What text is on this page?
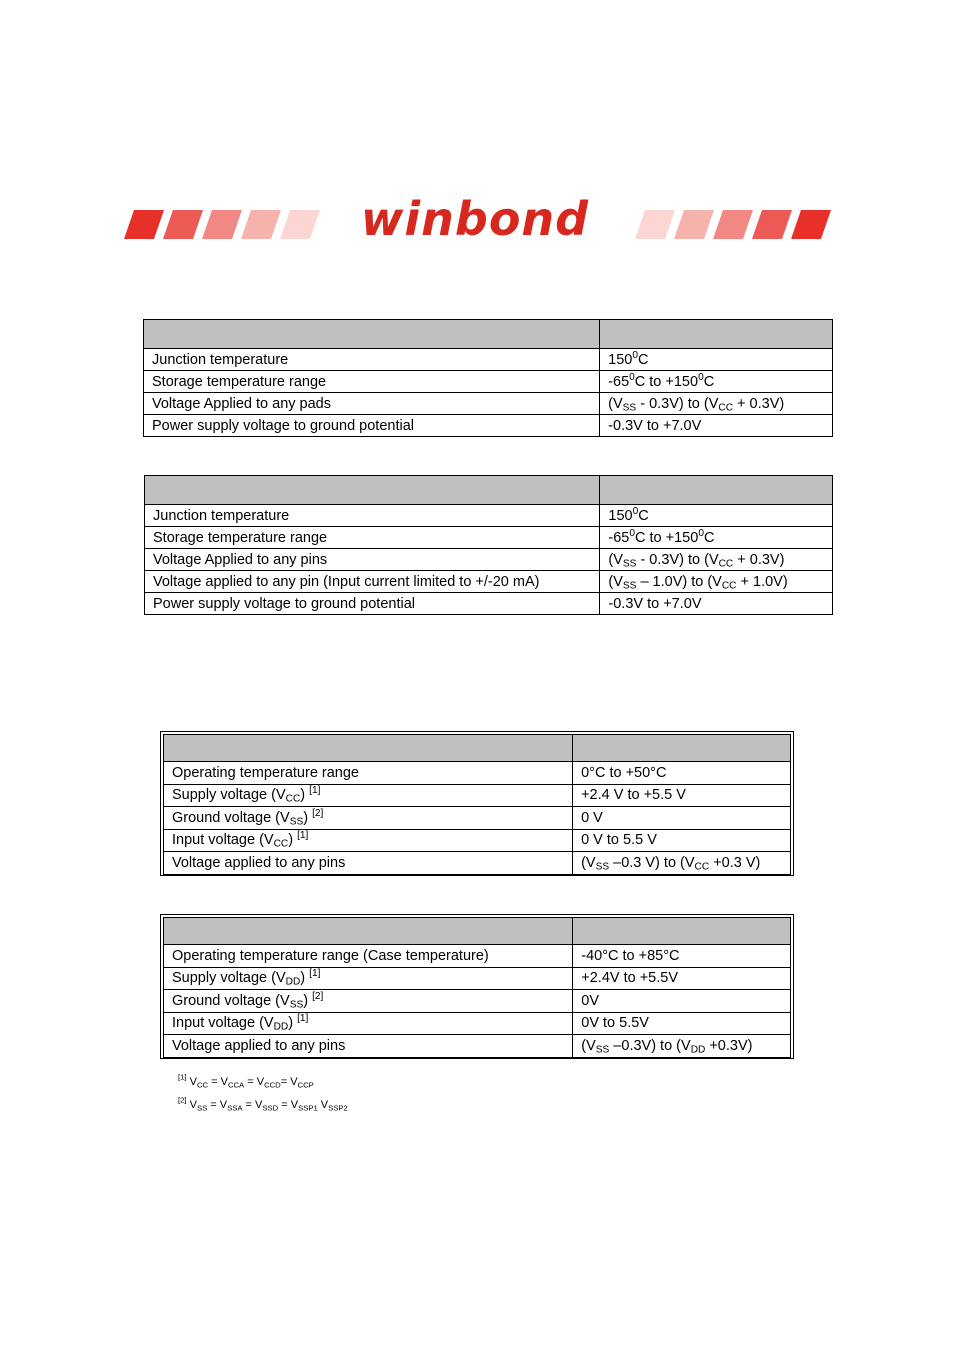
winbond

Junction temperature	$150^0C$
Storage temperature range	$-65^0C$ to $+150^0C$
Voltage Applied to any pads	$(V_{SS} - 0.3V)$ to $(V_{CC} + 0.3V)$
Power supply voltage to ground potential	-0.3V to +7.0V

Junction temperature	$150^0C$
Storage temperature range	$-65^0C$ to $+150^0C$
Voltage Applied to any pins	$(V_{SS} - 0.3V)$ to $(V_{CC} + 0.3V)$
Voltage applied to any pin (Input current limited to +/-20 mA)	$(V_{SS} - 1.0V)$ to $(V_{CC} + 1.0V)$
Power supply voltage to ground potential	-0.3V to +7.0V

Operating temperature range	0°C to +50°C
Supply voltage $(V_{CC})$ [1]	+2.4 V to +5.5 V
Ground voltage $(V_{SS})$ [2]	0 V
Input voltage $(V_{CC})$ [1]	0 V to 5.5 V
Voltage applied to any pins	($V_{SS}$ –0.3 V) to ($V_{CC} +0.3$ V)

Operating temperature range (Case temperature)	-40°C to +85°C
Supply voltage $(V_{DD})$ [1]	+2.4V to +5.5V
Ground voltage $(V_{SS})$ [2]	0V
Input voltage $(V_{DD})$ [1]	0V to 5.5V
Voltage applied to any pins	($V_{SS}$ –0.3V) to $(V_{DD} +0.3V)$
[1] $V_{CC} = V_{CCA} = V_{CCD}= V_{CCP}$
[2] $V_{SS} = V_{SSA} = V_{SSD} = V_{SSP1}$ $V_{SSP2}$
